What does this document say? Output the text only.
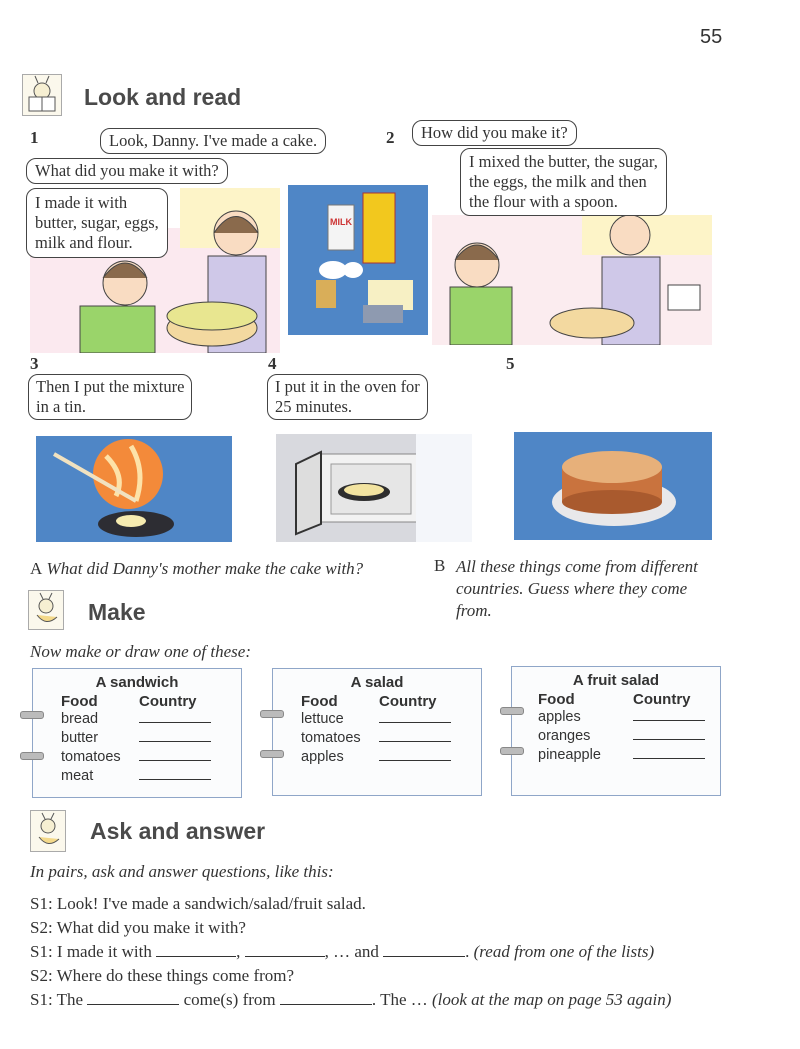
55
Look and read
1	Look, Danny. I've made a cake.
What did you make it with?
I made it with
butter, sugar, eggs,
milk and flour.
MILK
2	How did you make it?
I mixed the butter, the sugar,
the eggs, the milk and then
the flour with a spoon.
3
Then I put the mixture
in a tin.
4
I put it in the oven for
25 minutes.
5
A What did Danny's mother make the cake with?	B All these things come from different
countries. Guess where they come
from.
Make
Now make or draw one of these:
A sandwich
Food	Country
bread
butter
tomatoes
meat
A salad
Food	Country
lettuce
tomatoes
apples
A fruit salad
Food	Country
apples
oranges
pineapple
Ask and answer
In pairs, ask and answer questions, like this:
S1: Look! I've made a sandwich/salad/fruit salad.
S2: What did you make it with?
S1: I made it with	,	, … and	. (read from one of the lists)
S2: Where do these things come from?
S1: The	come(s) from	. The … (look at the map on page 53 again)
